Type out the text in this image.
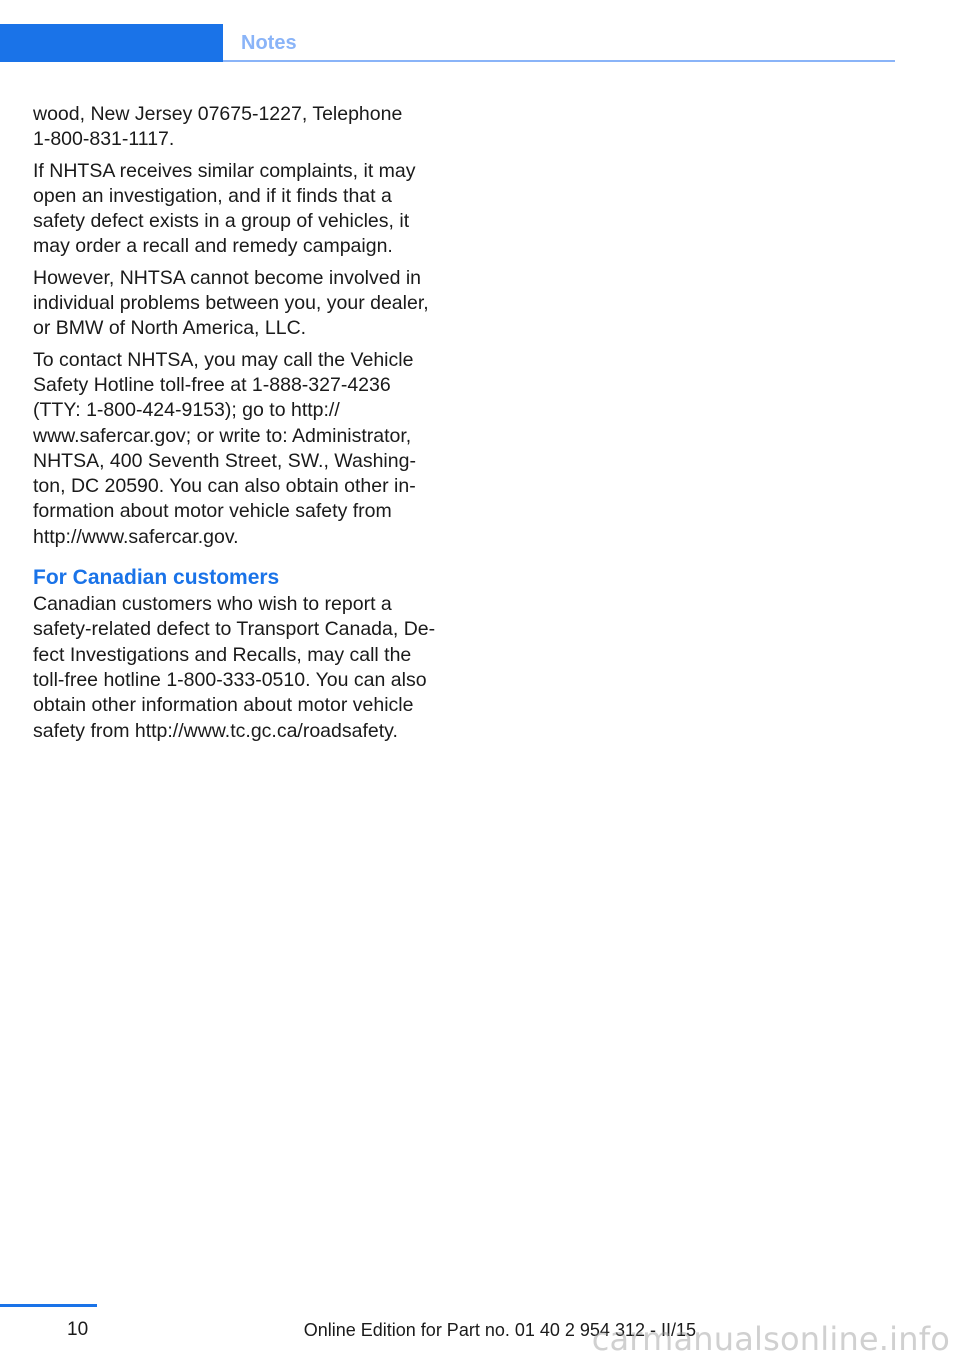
Notes

wood, New Jersey 07675-1227, Telephone
1-800-831-1117.

If NHTSA receives similar complaints, it may
open an investigation, and if it finds that a
safety defect exists in a group of vehicles, it
may order a recall and remedy campaign.

However, NHTSA cannot become involved in
individual problems between you, your dealer,
or BMW of North America, LLC.

To contact NHTSA, you may call the Vehicle
Safety Hotline toll-free at 1-888-327-4236
(TTY: 1-800-424-9153); go to http://
www.safercar.gov; or write to: Administrator,
NHTSA, 400 Seventh Street, SW., Washing-
ton, DC 20590. You can also obtain other in-
formation about motor vehicle safety from
http://www.safercar.gov.

For Canadian customers

Canadian customers who wish to report a
safety-related defect to Transport Canada, De-
fect Investigations and Recalls, may call the
toll-free hotline 1-800-333-0510. You can also
obtain other information about motor vehicle
safety from http://www.tc.gc.ca/roadsafety.

10	Online Edition for Part no. 01 40 2 954 312 - II/15
carmanualsonline.info
